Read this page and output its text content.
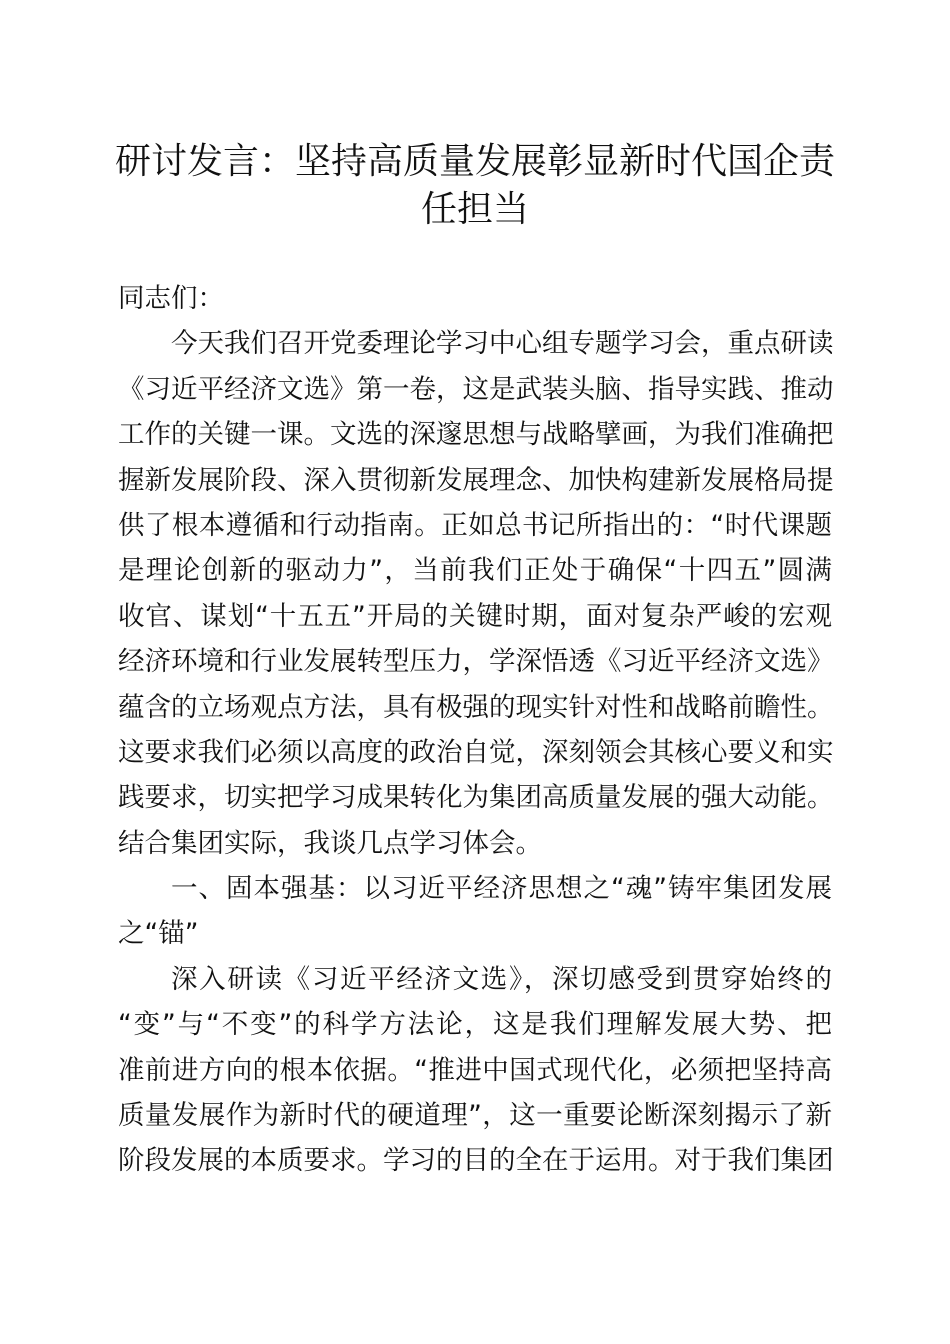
研讨发言：坚持高质量发展彰显新时代国企责
任担当
同志们：
今天我们召开党委理论学习中心组专题学习会，重点研读
《习近平经济文选》第一卷，这是武装头脑、指导实践、推动
工作的关键一课。文选的深邃思想与战略擘画，为我们准确把
握新发展阶段、深入贯彻新发展理念、加快构建新发展格局提
供了根本遵循和行动指南。正如总书记所指出的：“时代课题
是理论创新的驱动力”，当前我们正处于确保“十四五”圆满
收官、谋划“十五五”开局的关键时期，面对复杂严峻的宏观
经济环境和行业发展转型压力，学深悟透《习近平经济文选》
蕴含的立场观点方法，具有极强的现实针对性和战略前瞻性。
这要求我们必须以高度的政治自觉，深刻领会其核心要义和实
践要求，切实把学习成果转化为集团高质量发展的强大动能。
结合集团实际，我谈几点学习体会。
一、固本强基：以习近平经济思想之“魂”铸牢集团发展
之“锚”
深入研读《习近平经济文选》，深切感受到贯穿始终的
“变”与“不变”的科学方法论，这是我们理解发展大势、把
准前进方向的根本依据。“推进中国式现代化，必须把坚持高
质量发展作为新时代的硬道理”，这一重要论断深刻揭示了新
阶段发展的本质要求。学习的目的全在于运用。对于我们集团
